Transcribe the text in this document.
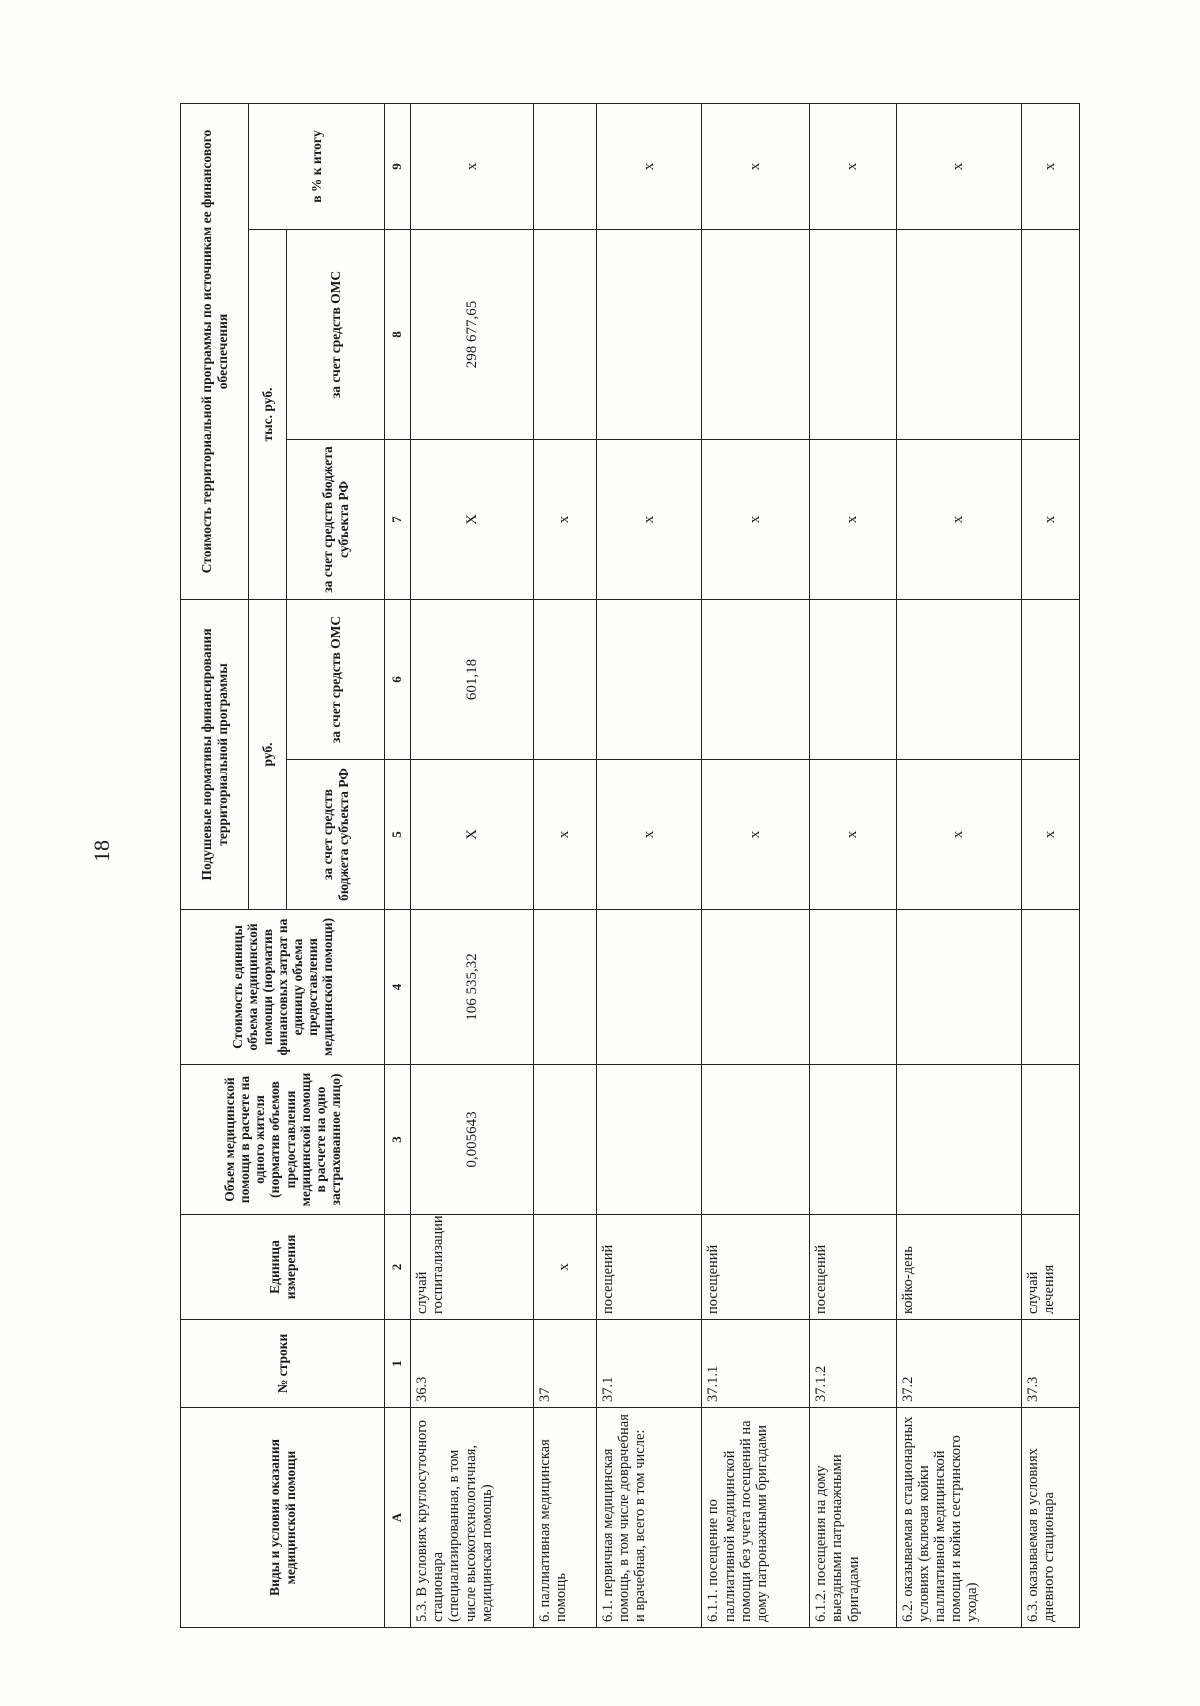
18
Виды и условия оказания медицинской помощи	№ строки	Единица измерения	Объем медицинской помощи в расчете на одного жителя (норматив объемов предоставления медицинской помощи в расчете на одно застрахованное лицо)	Стоимость единицы объема медицинской помощи (норматив финансовых затрат на единицу объема предоставления медицинской помощи)	Подушевые нормативы финансирования территориальной программы		Стоимость территориальной программы по источникам ее финансового обеспечения		
					руб.		тыс. руб.		в % к итогу
					за счет средств бюджета субъекта РФ	за счет средств ОМС	за счет средств бюджета субъекта РФ	за счет средств ОМС	
А	1	2	3	4	5	6	7	8	9
5.3. В условиях круглосуточного стационара (специализированная, в том числе высокотехнологичная, медицинская помощь)	36.3	случай госпитализации	0,005643	106 535,32	X	601,18	X	298 677,65	x
6. паллиативная медицинская помощь	37	x			x		x		
6.1. первичная медицинская помощь, в том числе доврачебная и врачебная, всего в том числе:	37.1	посещений			x		x		x
6.1.1. посещение по паллиативной медицинской помощи без учета посещений на дому патронажными бригадами	37.1.1	посещений			x		x		x
6.1.2. посещения на дому выездными патронажными бригадами	37.1.2	посещений			x		x		x
6.2. оказываемая в стационарных условиях (включая койки паллиативной медицинской помощи и койки сестринского ухода)	37.2	койко-день			x		x		x
6.3. оказываемая в условиях дневного стационара	37.3	случай лечения			x		x		x
